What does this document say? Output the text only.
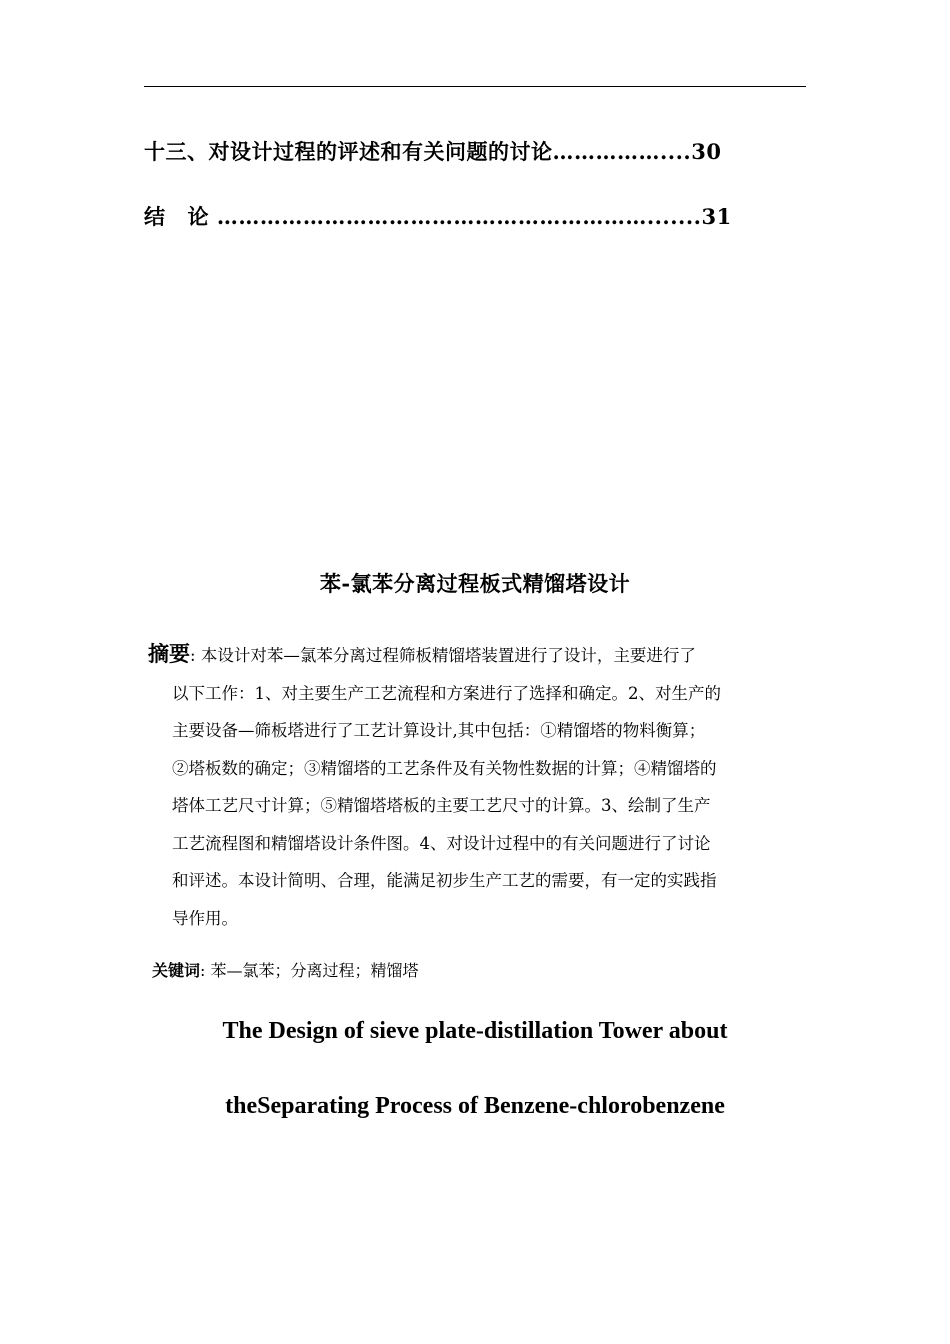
十三、对设计过程的评述和有关问题的讨论……………....30
结 论 …………………………………………………….......31
苯-氯苯分离过程板式精馏塔设计
摘要: 本设计对苯—氯苯分离过程筛板精馏塔装置进行了设计，主要进行了
以下工作：1、对主要生产工艺流程和方案进行了选择和确定。2、对生产的
主要设备—筛板塔进行了工艺计算设计,其中包括：①精馏塔的物料衡算；
②塔板数的确定；③精馏塔的工艺条件及有关物性数据的计算；④精馏塔的
塔体工艺尺寸计算；⑤精馏塔塔板的主要工艺尺寸的计算。3、绘制了生产
工艺流程图和精馏塔设计条件图。4、对设计过程中的有关问题进行了讨论
和评述。本设计简明、合理，能满足初步生产工艺的需要，有一定的实践指
导作用。
关键词: 苯—氯苯；分离过程；精馏塔
The Design of sieve plate-distillation Tower about
theSeparating Process of Benzene-chlorobenzene
